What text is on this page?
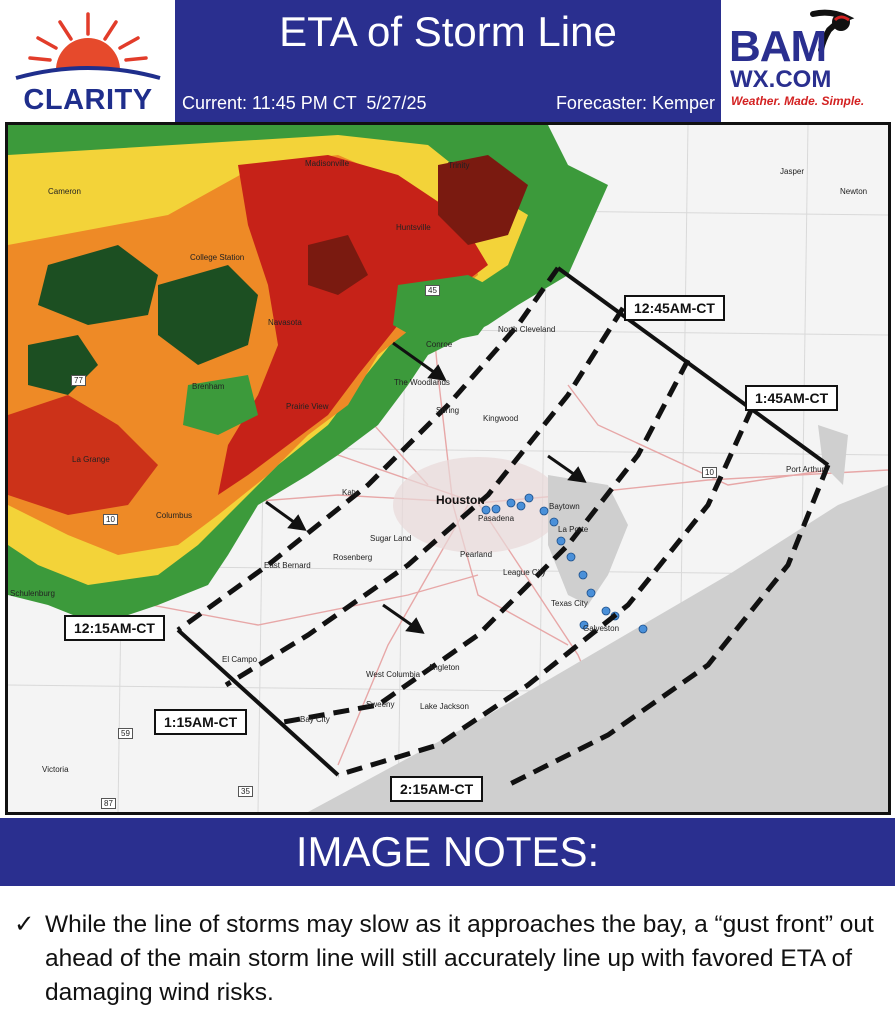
CLARITY
ETA of Storm Line
Current: 11:45 PM CT  5/27/25	Forecaster: Kemper
BAM
WX.COM
Weather. Made. Simple.
Madisonville	Trinity
Cameron
Huntsville
College Station
Jasper
Newton
Navasota
North Cleveland
Conroe
The Woodlands
Brenham
Prairie View	Spring
Kingwood
La Grange
Katy
Houston	Baytown
Pasadena
Port Arthur
Columbus
Sugar Land
La Porte
Rosenberg	Pearland
East Bernard
League City
Texas City
Galveston
El Campo
West Columbia
Angleton
Sweeny	Lake Jackson
Bay City
Victoria
Schulenburg
45
77
10
59
87
35
10
12:15AM-CT
12:45AM-CT
1:15AM-CT
1:45AM-CT
2:15AM-CT
IMAGE NOTES:
✓ While the line of storms may slow as it approaches the bay, a “gust front” out ahead of the main storm line will still accurately line up with favored ETA of damaging wind risks.
